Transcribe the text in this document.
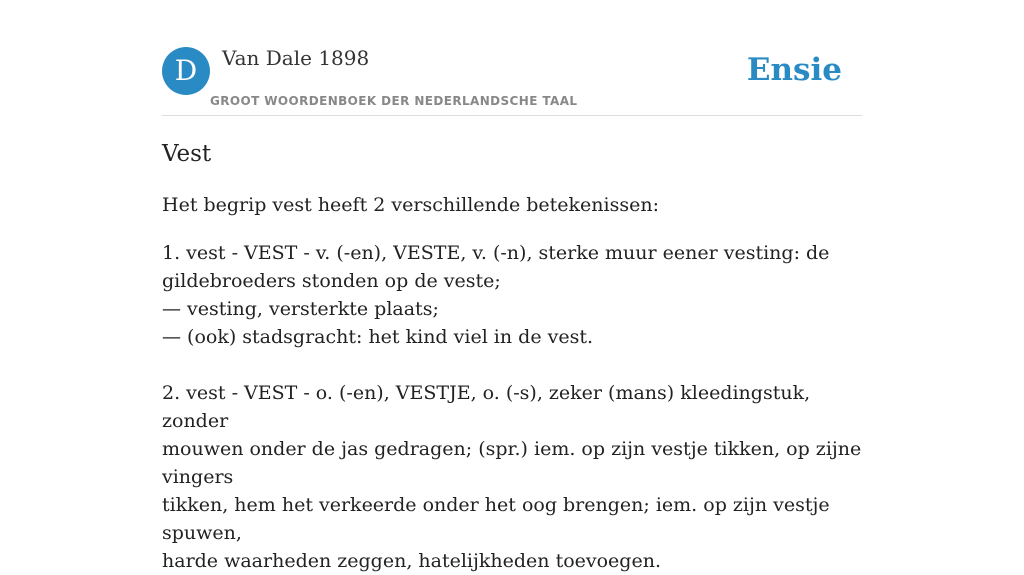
D Van Dale 1898
GROOT WOORDENBOEK DER NEDERLANDSCHE TAAL
Ensie
Vest
Het begrip vest heeft 2 verschillende betekenissen:

1. vest - VEST - v. (-en), VESTE, v. (-n), sterke muur eener vesting: de

gildebroeders stonden op de veste;

— vesting, versterkte plaats;

— (ook) stadsgracht: het kind viel in de vest.

2. vest - VEST - o. (-en), VESTJE, o. (-s), zeker (mans) kleedingstuk, zonder

mouwen onder de jas gedragen; (spr.) iem. op zijn vestje tikken, op zijne vingers

tikken, hem het verkeerde onder het oog brengen; iem. op zijn vestje spuwen,

harde waarheden zeggen, hatelijkheden toevoegen.
